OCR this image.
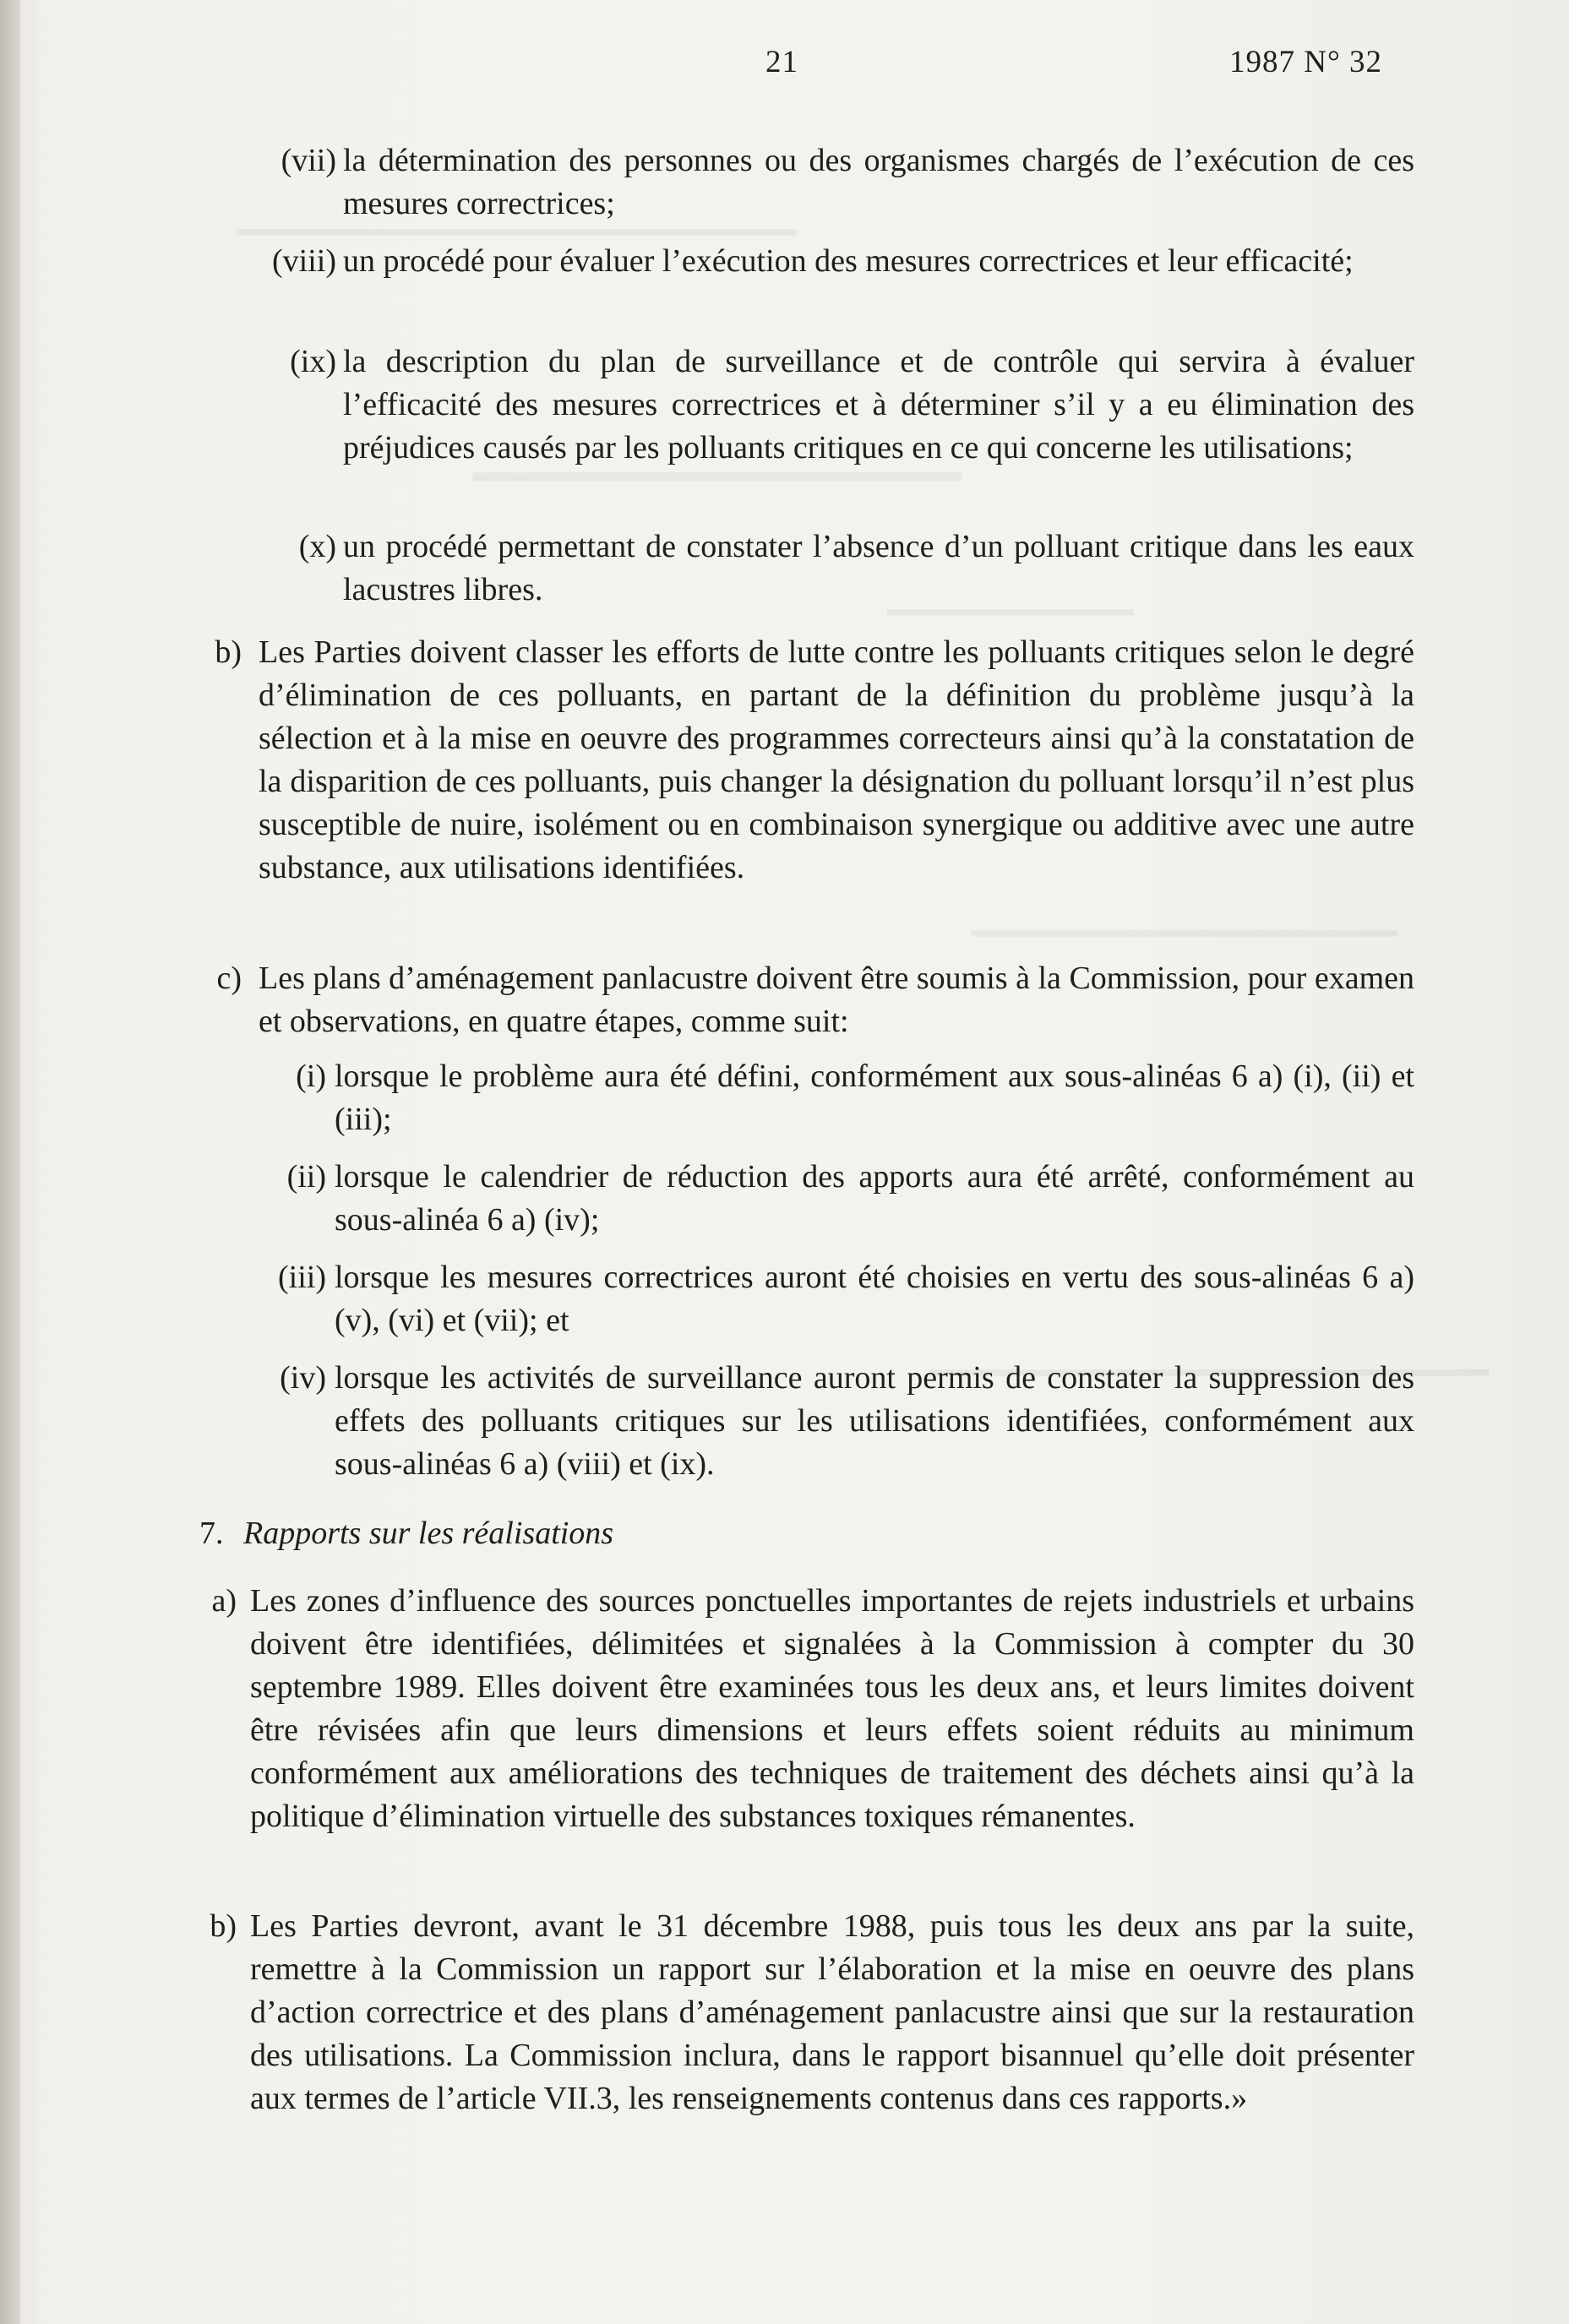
21	1987 N° 32
(vii) la détermination des personnes ou des organismes chargés de l’exécution de ces mesures correctrices;
(viii) un procédé pour évaluer l’exécution des mesures correctrices et leur efficacité;
(ix) la description du plan de surveillance et de contrôle qui servira à évaluer l’efficacité des mesures correctrices et à déterminer s’il y a eu élimination des préjudices causés par les polluants critiques en ce qui concerne les utilisations;
(x) un procédé permettant de constater l’absence d’un polluant critique dans les eaux lacustres libres.
b) Les Parties doivent classer les efforts de lutte contre les polluants critiques selon le degré d’élimination de ces polluants, en partant de la définition du problème jusqu’à la sélection et à la mise en oeuvre des programmes correcteurs ainsi qu’à la constatation de la disparition de ces polluants, puis changer la désignation du polluant lorsqu’il n’est plus susceptible de nuire, isolément ou en combinaison synergique ou additive avec une autre substance, aux utilisations identifiées.
c) Les plans d’aménagement panlacustre doivent être soumis à la Commission, pour examen et observations, en quatre étapes, comme suit:
(i) lorsque le problème aura été défini, conformément aux sous-alinéas 6 a) (i), (ii) et (iii);
(ii) lorsque le calendrier de réduction des apports aura été arrêté, conformément au sous-alinéa 6 a) (iv);
(iii) lorsque les mesures correctrices auront été choisies en vertu des sous-alinéas 6 a) (v), (vi) et (vii); et
(iv) lorsque les activités de surveillance auront permis de constater la suppression des effets des polluants critiques sur les utilisations identifiées, conformément aux sous-alinéas 6 a) (viii) et (ix).
7. Rapports sur les réalisations
a) Les zones d’influence des sources ponctuelles importantes de rejets industriels et urbains doivent être identifiées, délimitées et signalées à la Commission à compter du 30 septembre 1989. Elles doivent être examinées tous les deux ans, et leurs limites doivent être révisées afin que leurs dimensions et leurs effets soient réduits au minimum conformément aux améliorations des techniques de traitement des déchets ainsi qu’à la politique d’élimination virtuelle des substances toxiques rémanentes.
b) Les Parties devront, avant le 31 décembre 1988, puis tous les deux ans par la suite, remettre à la Commission un rapport sur l’élaboration et la mise en oeuvre des plans d’action correctrice et des plans d’aménagement panlacustre ainsi que sur la restauration des utilisations. La Commission inclura, dans le rapport bisannuel qu’elle doit présenter aux termes de l’article VII.3, les renseignements contenus dans ces rapports.»
